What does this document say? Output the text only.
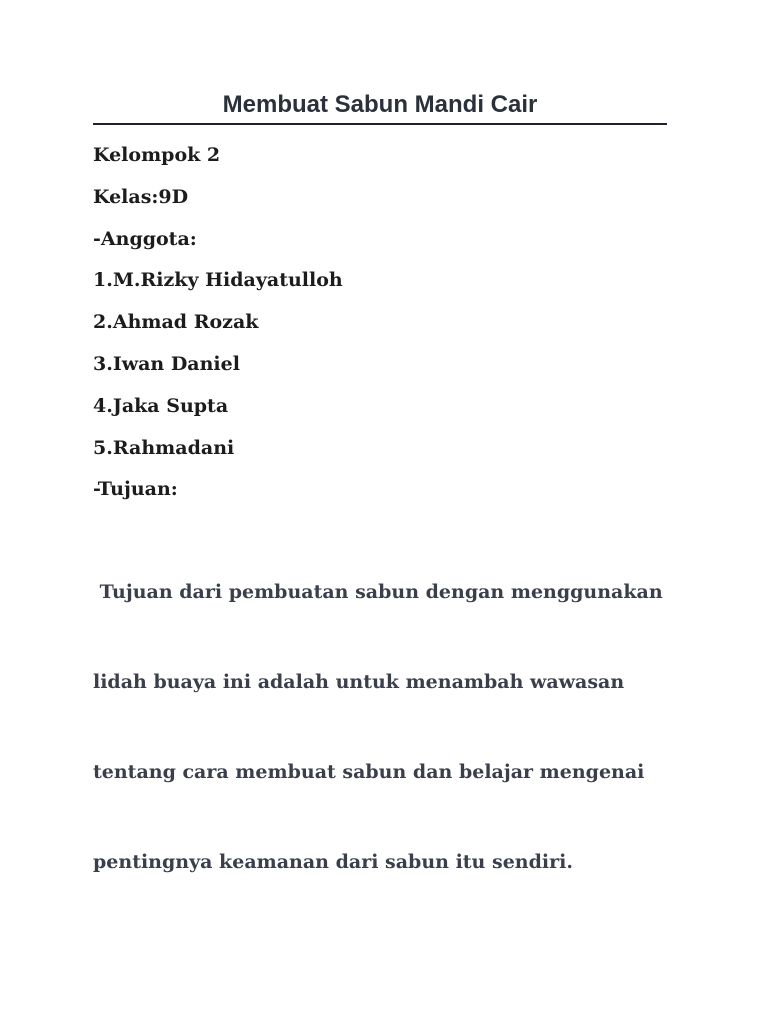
Membuat Sabun Mandi Cair
Kelompok 2
Kelas:9D
-Anggota:
1.M.Rizky Hidayatulloh
2.Ahmad Rozak
3.Iwan Daniel
4.Jaka Supta
5.Rahmadani
-Tujuan:

Tujuan dari pembuatan sabun dengan menggunakan

lidah buaya ini adalah untuk menambah wawasan

tentang cara membuat sabun dan belajar mengenai

pentingnya keamanan dari sabun itu sendiri.
